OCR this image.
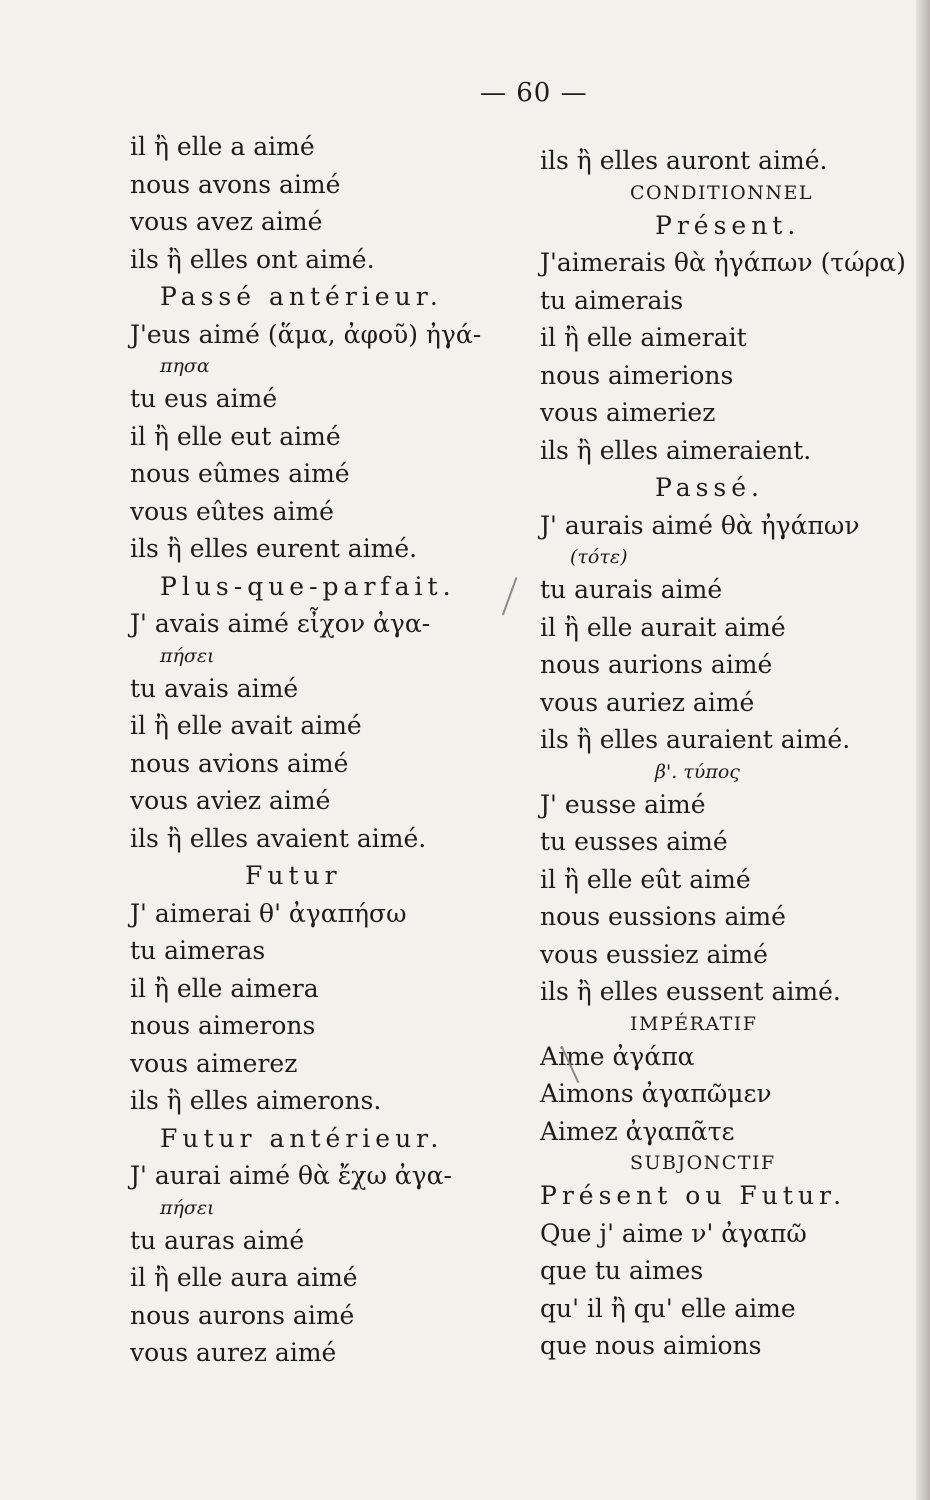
— 60 —
il ἢ elle a aimé
nous avons aimé
vous avez aimé
ils ἢ elles ont aimé.
Passé antérieur.
J'eus aimé (ἅμα, ἀφοῦ) ἠγά-
πησα
tu eus aimé
il ἢ elle eut aimé
nous eûmes aimé
vous eûtes aimé
ils ἢ elles eurent aimé.
Plus-que-parfait.
J' avais aimé εἶχον ἀγα-
πήσει
tu avais aimé
il ἢ elle avait aimé
nous avions aimé
vous aviez aimé
ils ἢ elles avaient aimé.
Futur
J' aimerai θ' ἀγαπήσω
tu aimeras
il ἢ elle aimera
nous aimerons
vous aimerez
ils ἢ elles aimerons.
Futur antérieur.
J' aurai aimé θὰ ἔχω ἀγα-
πήσει
tu auras aimé
il ἢ elle aura aimé
nous aurons aimé
vous aurez aimé
ils ἢ elles auront aimé.
CONDITIONNEL
Présent.
J'aimerais θὰ ἠγάπων (τώρα)
tu aimerais
il ἢ elle aimerait
nous aimerions
vous aimeriez
ils ἢ elles aimeraient.
Passé.
J' aurais aimé θὰ ἠγάπων
(τότε)
tu aurais aimé
il ἢ elle aurait aimé
nous aurions aimé
vous auriez aimé
ils ἢ elles auraient aimé.
β'. τύπος
J' eusse aimé
tu eusses aimé
il ἢ elle eût aimé
nous eussions aimé
vous eussiez aimé
ils ἢ elles eussent aimé.
IMPÉRATIF
Aime ἀγάπα
Aimons ἀγαπῶμεν
Aimez ἀγαπᾶτε
SUBJONCTIF
Présent ou Futur.
Que j' aime ν' ἀγαπῶ
que tu aimes
qu' il ἢ qu' elle aime
que nous aimions
